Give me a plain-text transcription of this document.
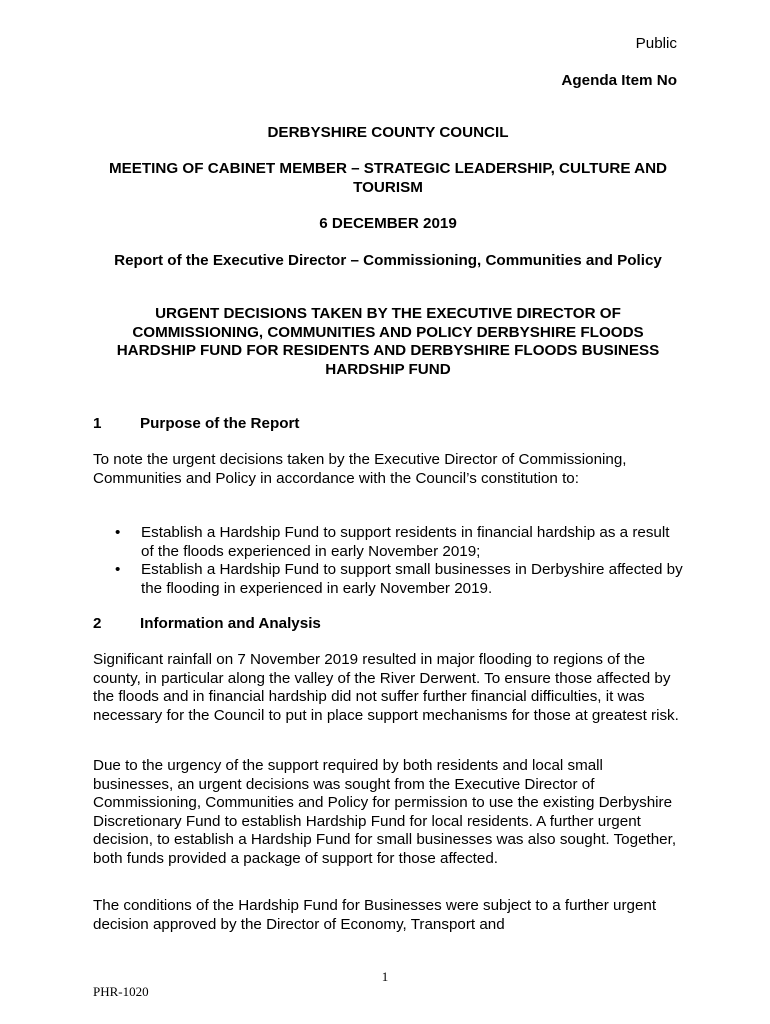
Public
Agenda Item No
DERBYSHIRE COUNTY COUNCIL
MEETING OF CABINET MEMBER – STRATEGIC LEADERSHIP, CULTURE AND TOURISM
6 DECEMBER 2019
Report of the Executive Director – Commissioning, Communities and Policy
URGENT DECISIONS TAKEN BY THE EXECUTIVE DIRECTOR OF COMMISSIONING, COMMUNITIES AND POLICY DERBYSHIRE FLOODS HARDSHIP FUND FOR RESIDENTS AND DERBYSHIRE FLOODS BUSINESS HARDSHIP FUND
1	Purpose of the Report
To note the urgent decisions taken by the Executive Director of Commissioning, Communities and Policy in accordance with the Council’s constitution to:
• Establish a Hardship Fund to support residents in financial hardship as a result of the floods experienced in early November 2019;
• Establish a Hardship Fund to support small businesses in Derbyshire affected by the flooding in experienced in early November 2019.
2	Information and Analysis
Significant rainfall on 7 November 2019 resulted in major flooding to regions of the county, in particular along the valley of the River Derwent. To ensure those affected by the floods and in financial hardship did not suffer further financial difficulties, it was necessary for the Council to put in place support mechanisms for those at greatest risk.
Due to the urgency of the support required by both residents and local small businesses, an urgent decisions was sought from the Executive Director of Commissioning, Communities and Policy for permission to use the existing Derbyshire Discretionary Fund to establish Hardship Fund for local residents. A further urgent decision, to establish a Hardship Fund for small businesses was also sought. Together, both funds provided a package of support for those affected.
The conditions of the Hardship Fund for Businesses were subject to a further urgent decision approved by the Director of Economy, Transport and
1
PHR-1020
